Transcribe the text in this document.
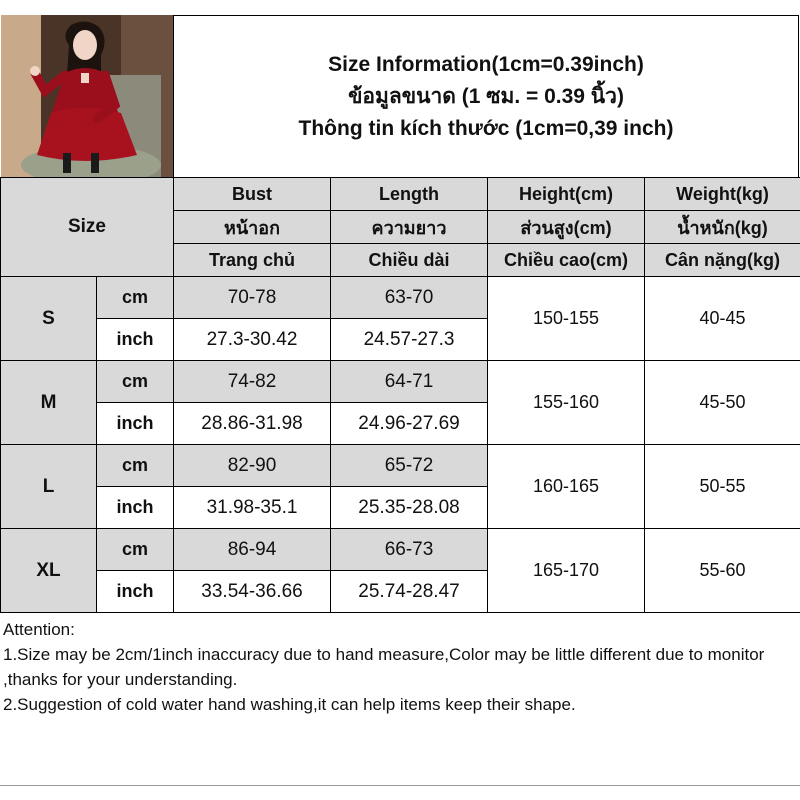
Size Information(1cm=0.39inch)
ข้อมูลขนาด (1 ซม. = 0.39 นิ้ว)
Thông tin kích thước (1cm=0,39 inch)
Size		Bust	Length	Height(cm)	Weight(kg)
		หน้าอก	ความยาว	ส่วนสูง(cm)	น้ำหนัก(kg)
		Trang chủ	Chiều dài	Chiều cao(cm)	Cân nặng(kg)
S	cm	70-78	63-70	150-155	40-45
	inch	27.3-30.42	24.57-27.3		
M	cm	74-82	64-71	155-160	45-50
	inch	28.86-31.98	24.96-27.69		
L	cm	82-90	65-72	160-165	50-55
	inch	31.98-35.1	25.35-28.08		
XL	cm	86-94	66-73	165-170	55-60
	inch	33.54-36.66	25.74-28.47		
Attention:
1.Size may be 2cm/1inch inaccuracy due to hand measure,Color may be little different due to monitor ,thanks for your understanding.
2.Suggestion of cold water hand washing,it can help items keep their shape.
